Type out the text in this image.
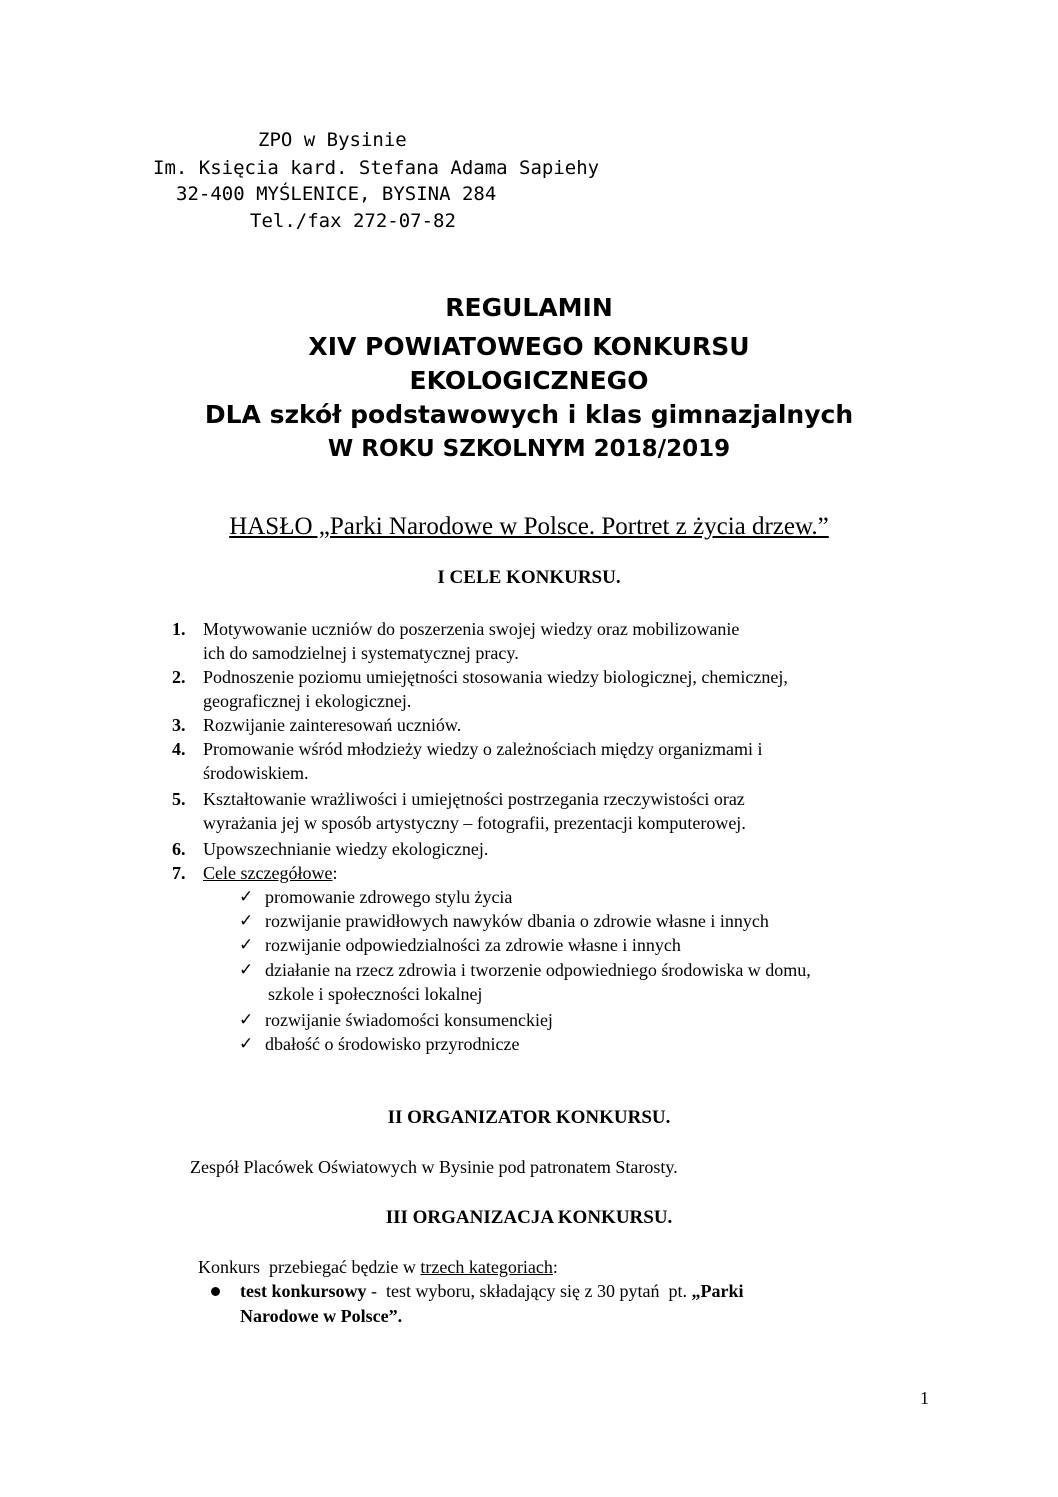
ZPO w Bysinie
Im. Księcia kard. Stefana Adama Sapiehy
32-400 MYŚLENICE, BYSINA 284
Tel./fax 272-07-82
REGULAMIN
XIV POWIATOWEGO KONKURSU
EKOLOGICZNEGO
DLA szkół podstawowych i klas gimnazjalnych
W ROKU SZKOLNYM 2018/2019
HASŁO „Parki Narodowe w Polsce. Portret z życia drzew.”
I CELE KONKURSU.
1. Motywowanie uczniów do poszerzenia swojej wiedzy oraz mobilizowanie
ich do samodzielnej i systematycznej pracy.
2. Podnoszenie poziomu umiejętności stosowania wiedzy biologicznej, chemicznej,
geograficznej i ekologicznej.
3. Rozwijanie zainteresowań uczniów.
4. Promowanie wśród młodzieży wiedzy o zależnościach między organizmami i
środowiskiem.
5. Kształtowanie wrażliwości i umiejętności postrzegania rzeczywistości oraz
wyrażania jej w sposób artystyczny – fotografii, prezentacji komputerowej.
6. Upowszechnianie wiedzy ekologicznej.
7. Cele szczegółowe:
✓ promowanie zdrowego stylu życia
✓ rozwijanie prawidłowych nawyków dbania o zdrowie własne i innych
✓ rozwijanie odpowiedzialności za zdrowie własne i innych
✓ działanie na rzecz zdrowia i tworzenie odpowiedniego środowiska w domu,
szkole i społeczności lokalnej
✓ rozwijanie świadomości konsumenckiej
✓ dbałość o środowisko przyrodnicze
II ORGANIZATOR KONKURSU.
Zespół Placówek Oświatowych w Bysinie pod patronatem Starosty.
III ORGANIZACJA KONKURSU.
Konkurs  przebiegać będzie w trzech kategoriach:
test konkursowy -  test wyboru, składający się z 30 pytań  pt. „Parki
Narodowe w Polsce”.
1
